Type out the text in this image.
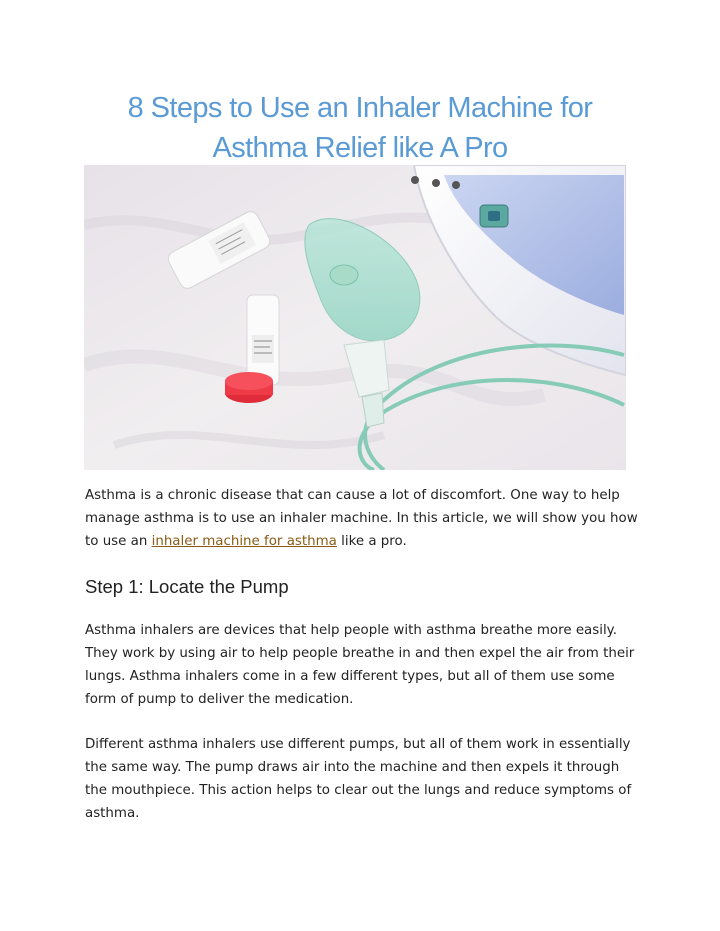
8 Steps to Use an Inhaler Machine for
Asthma Relief like A Pro

Asthma is a chronic disease that can cause a lot of discomfort. One way to help manage asthma is to use an inhaler machine. In this article, we will show you how to use an inhaler machine for asthma like a pro.

Step 1: Locate the Pump

Asthma inhalers are devices that help people with asthma breathe more easily. They work by using air to help people breathe in and then expel the air from their lungs. Asthma inhalers come in a few different types, but all of them use some form of pump to deliver the medication.

Different asthma inhalers use different pumps, but all of them work in essentially the same way. The pump draws air into the machine and then expels it through the mouthpiece. This action helps to clear out the lungs and reduce symptoms of asthma.
